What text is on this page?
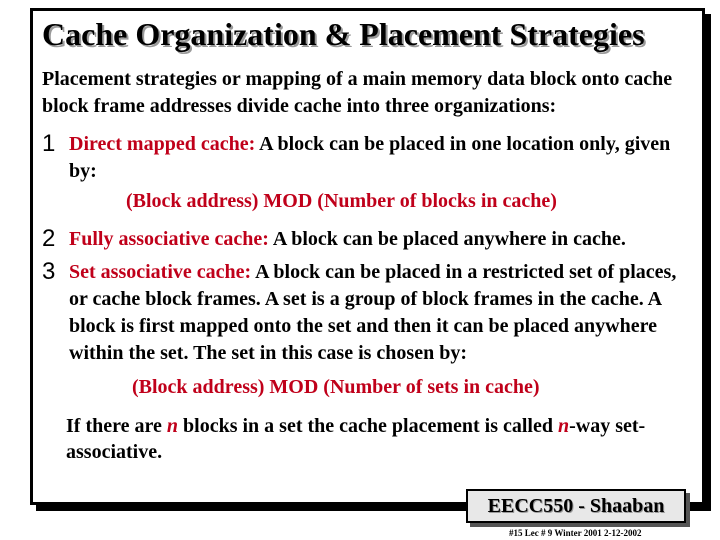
Cache Organization & Placement Strategies
Placement strategies or mapping of a main memory data block onto cache block frame addresses divide cache into three organizations:
1 Direct mapped cache: A block can be placed in one location only, given by:
(Block address) MOD (Number of blocks in cache)
2 Fully associative cache: A block can be placed anywhere in cache.
3 Set associative cache: A block can be placed in a restricted set of places, or cache block frames. A set is a group of block frames in the cache. A block is first mapped onto the set and then it can be placed anywhere within the set. The set in this case is chosen by:
(Block address) MOD (Number of sets in cache)
If there are n blocks in a set the cache placement is called n-way set-associative.
EECC550 - Shaaban
#15 Lec # 9 Winter 2001 2-12-2002
